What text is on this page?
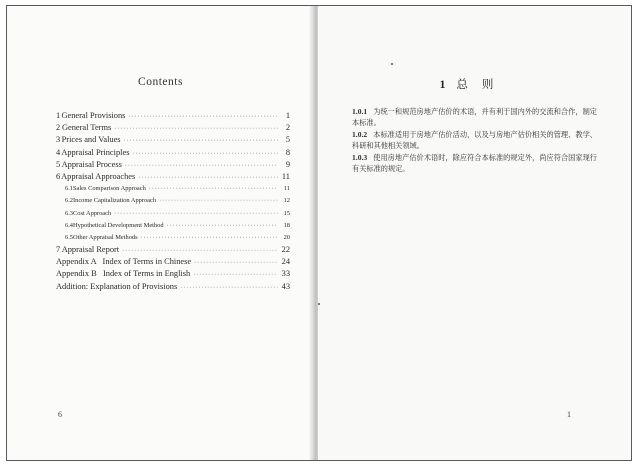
Contents
1 General Provisions ·····	1
2 General Terms ·····	2
3 Prices and Values ·····	5
4 Appraisal Principles ·····	8
5 Appraisal Process ·····	9
6 Appraisal Approaches ·····	11
6.1 Sales Comparison Approach ·····	11
6.2 Income Capitalization Approach ·····	12
6.3 Cost Approach ·····	15
6.4 Hypothetical Development Method ·····	18
6.5 Other Appraisal Methods ·····	20
7 Appraisal Report ·····	22
Appendix A   Index of Terms in Chinese ·····	24
Appendix B   Index of Terms in English ·····	33
Addition: Explanation of Provisions ·····	43
6
1 总则
1.0.1 为统一和规范房地产估价的术语，并有利于国内外的交流和合作，制定本标准。
1.0.2 本标准适用于房地产估价活动，以及与房地产估价相关的管理、教学、科研和其他相关领域。
1.0.3 使用房地产估价术语时，除应符合本标准的规定外，尚应符合国家现行有关标准的规定。
1
